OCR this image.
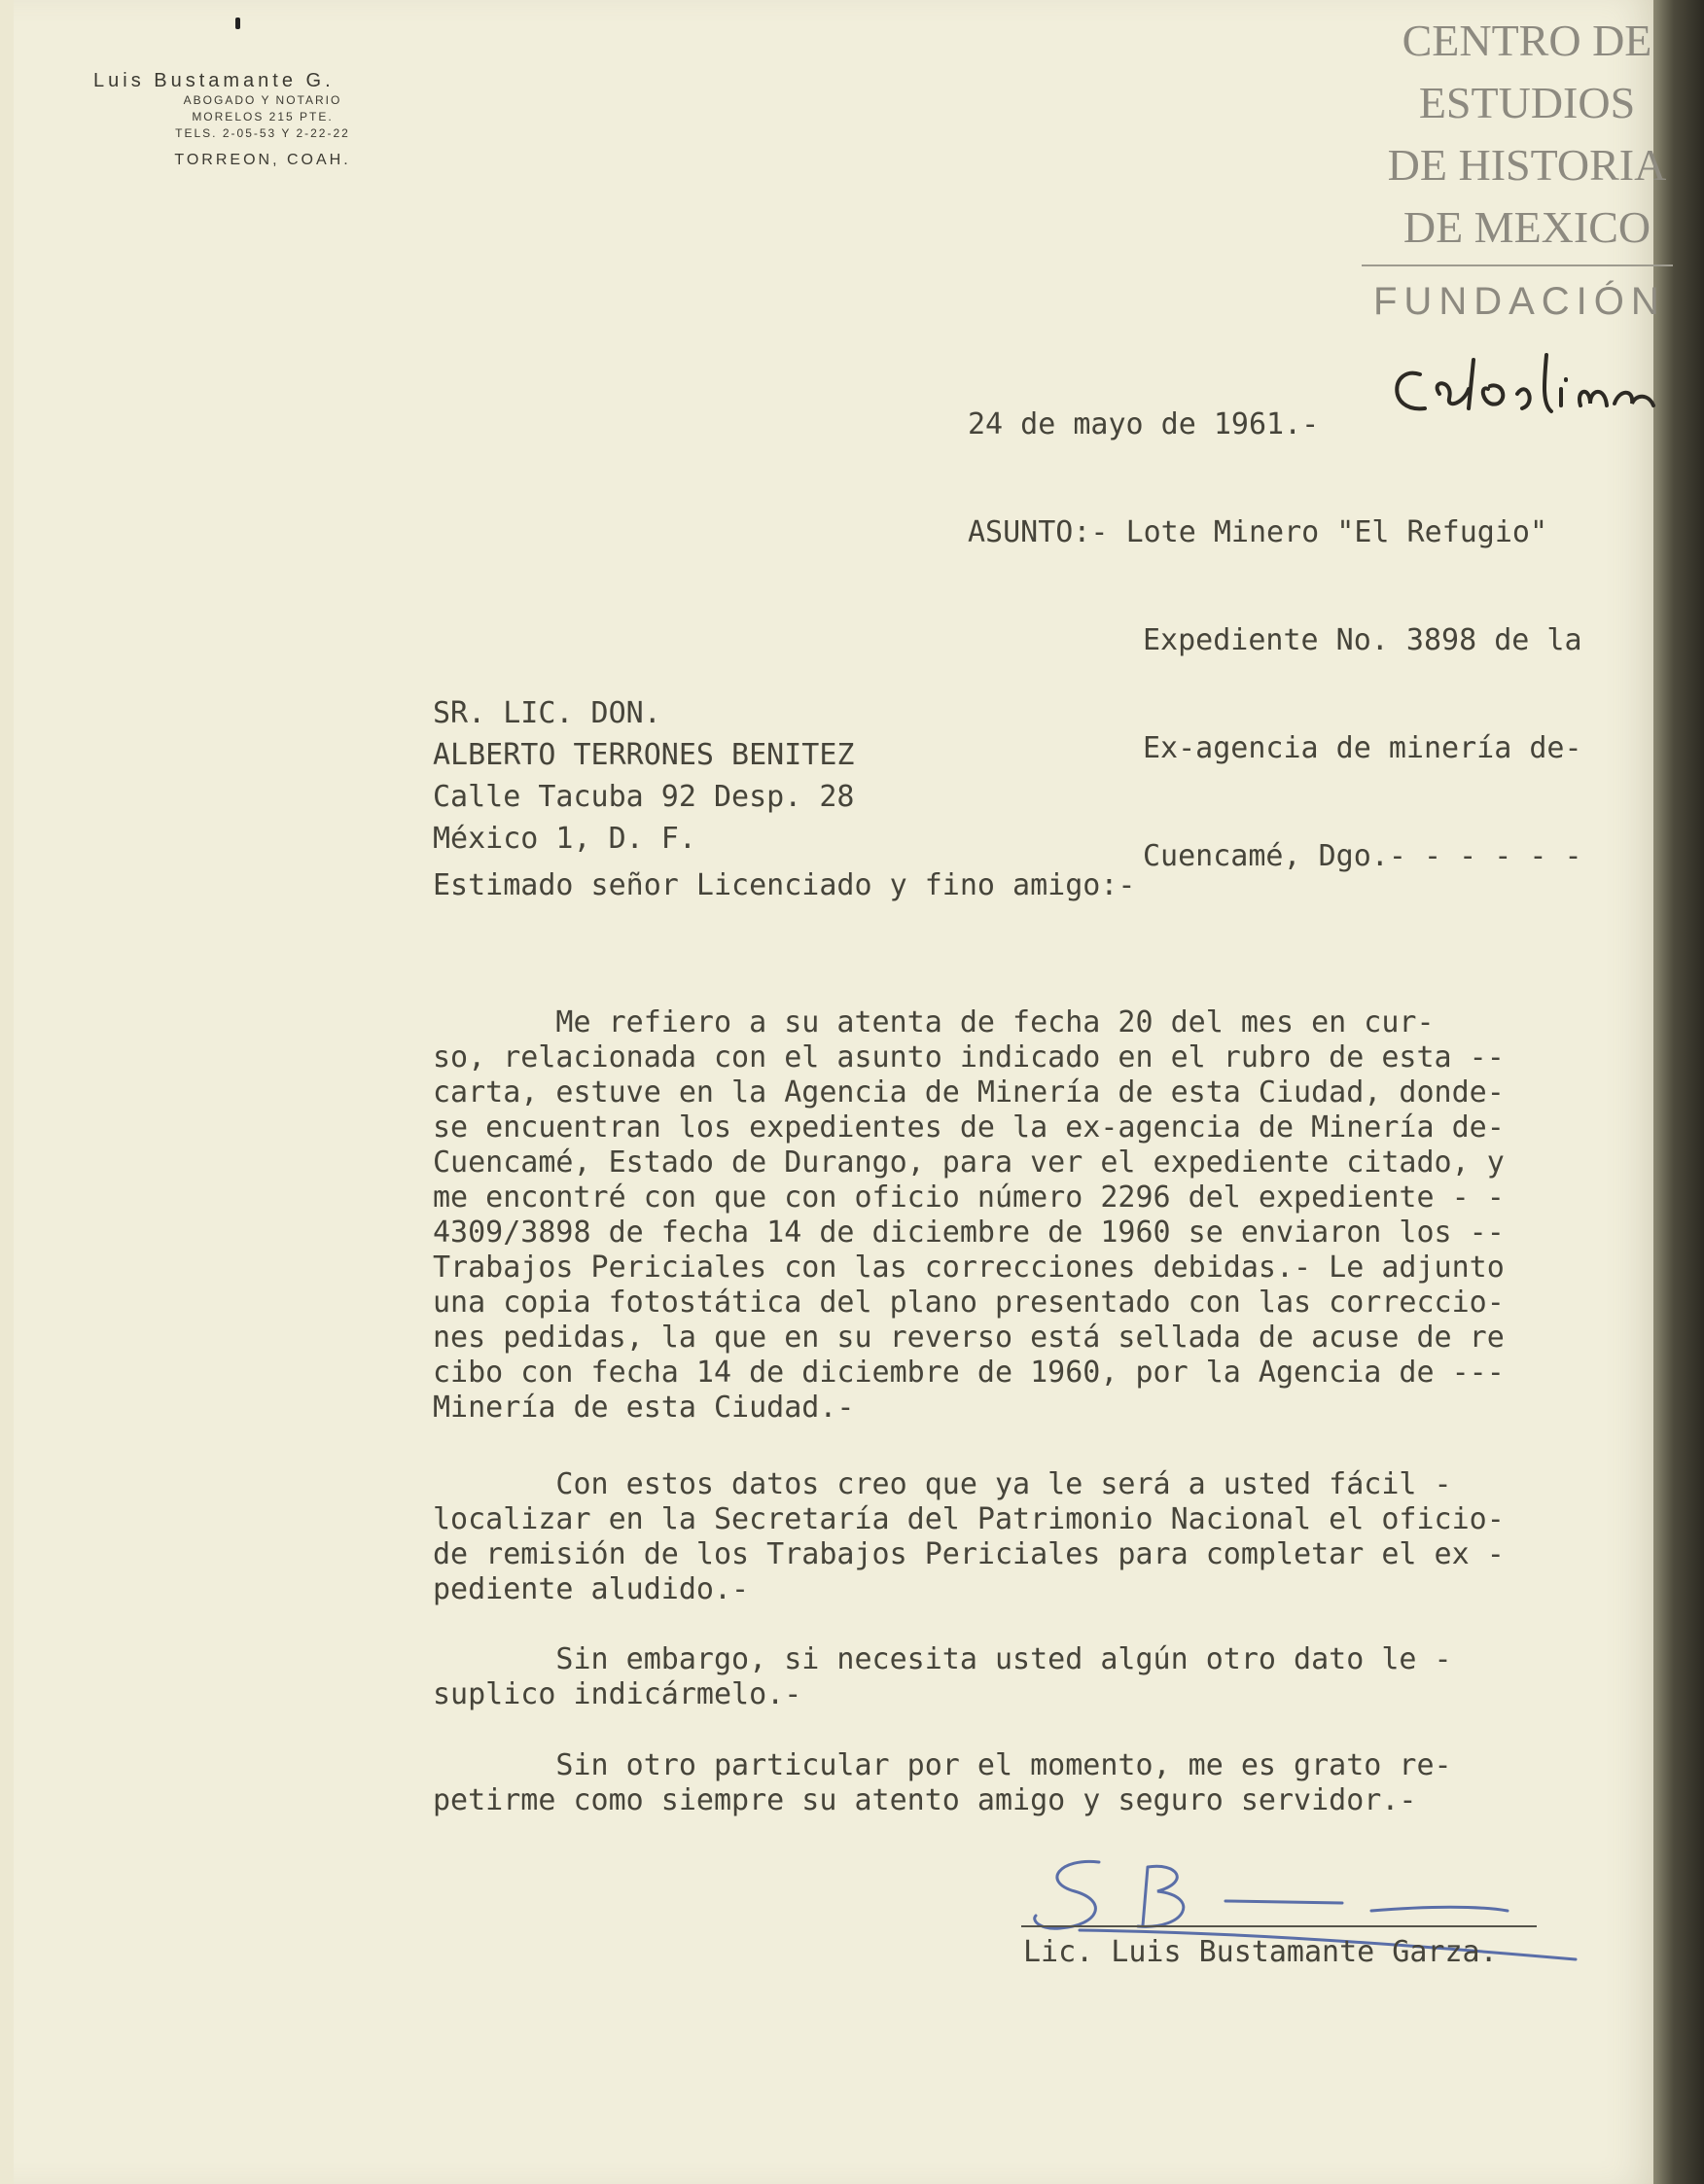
Luis Bustamante G.
ABOGADO Y NOTARIO
MORELOS 215 PTE.
TELS. 2-05-53 Y 2-22-22
TORREON, COAH.
CENTRO DE
ESTUDIOS
DE HISTORIA
DE MEXICO
FUNDACIÓN

24 de mayo de 1961.-

ASUNTO:- Lote Minero "El Refugio"

Expediente No. 3898 de la

Ex-agencia de minería de-

Cuencamé, Dgo.- - - - - -

SR. LIC. DON.
ALBERTO TERRONES BENITEZ
Calle Tacuba 92 Desp. 28
México 1, D. F.
Estimado señor Licenciado y fino amigo:-
Me refiero a su atenta de fecha 20 del mes en cur-
so, relacionada con el asunto indicado en el rubro de esta --
carta, estuve en la Agencia de Minería de esta Ciudad, donde-
se encuentran los expedientes de la ex-agencia de Minería de-
Cuencamé, Estado de Durango, para ver el expediente citado, y
me encontré con que con oficio número 2296 del expediente - -
4309/3898 de fecha 14 de diciembre de 1960 se enviaron los --
Trabajos Periciales con las correcciones debidas.- Le adjunto
una copia fotostática del plano presentado con las correccio-
nes pedidas, la que en su reverso está sellada de acuse de re
cibo con fecha 14 de diciembre de 1960, por la Agencia de ---
Minería de esta Ciudad.-
Con estos datos creo que ya le será a usted fácil -
localizar en la Secretaría del Patrimonio Nacional el oficio-
de remisión de los Trabajos Periciales para completar el ex -
pediente aludido.-
Sin embargo, si necesita usted algún otro dato le -
suplico indicármelo.-
Sin otro particular por el momento, me es grato re-
petirme como siempre su atento amigo y seguro servidor.-
Lic. Luis Bustamante Garza.
